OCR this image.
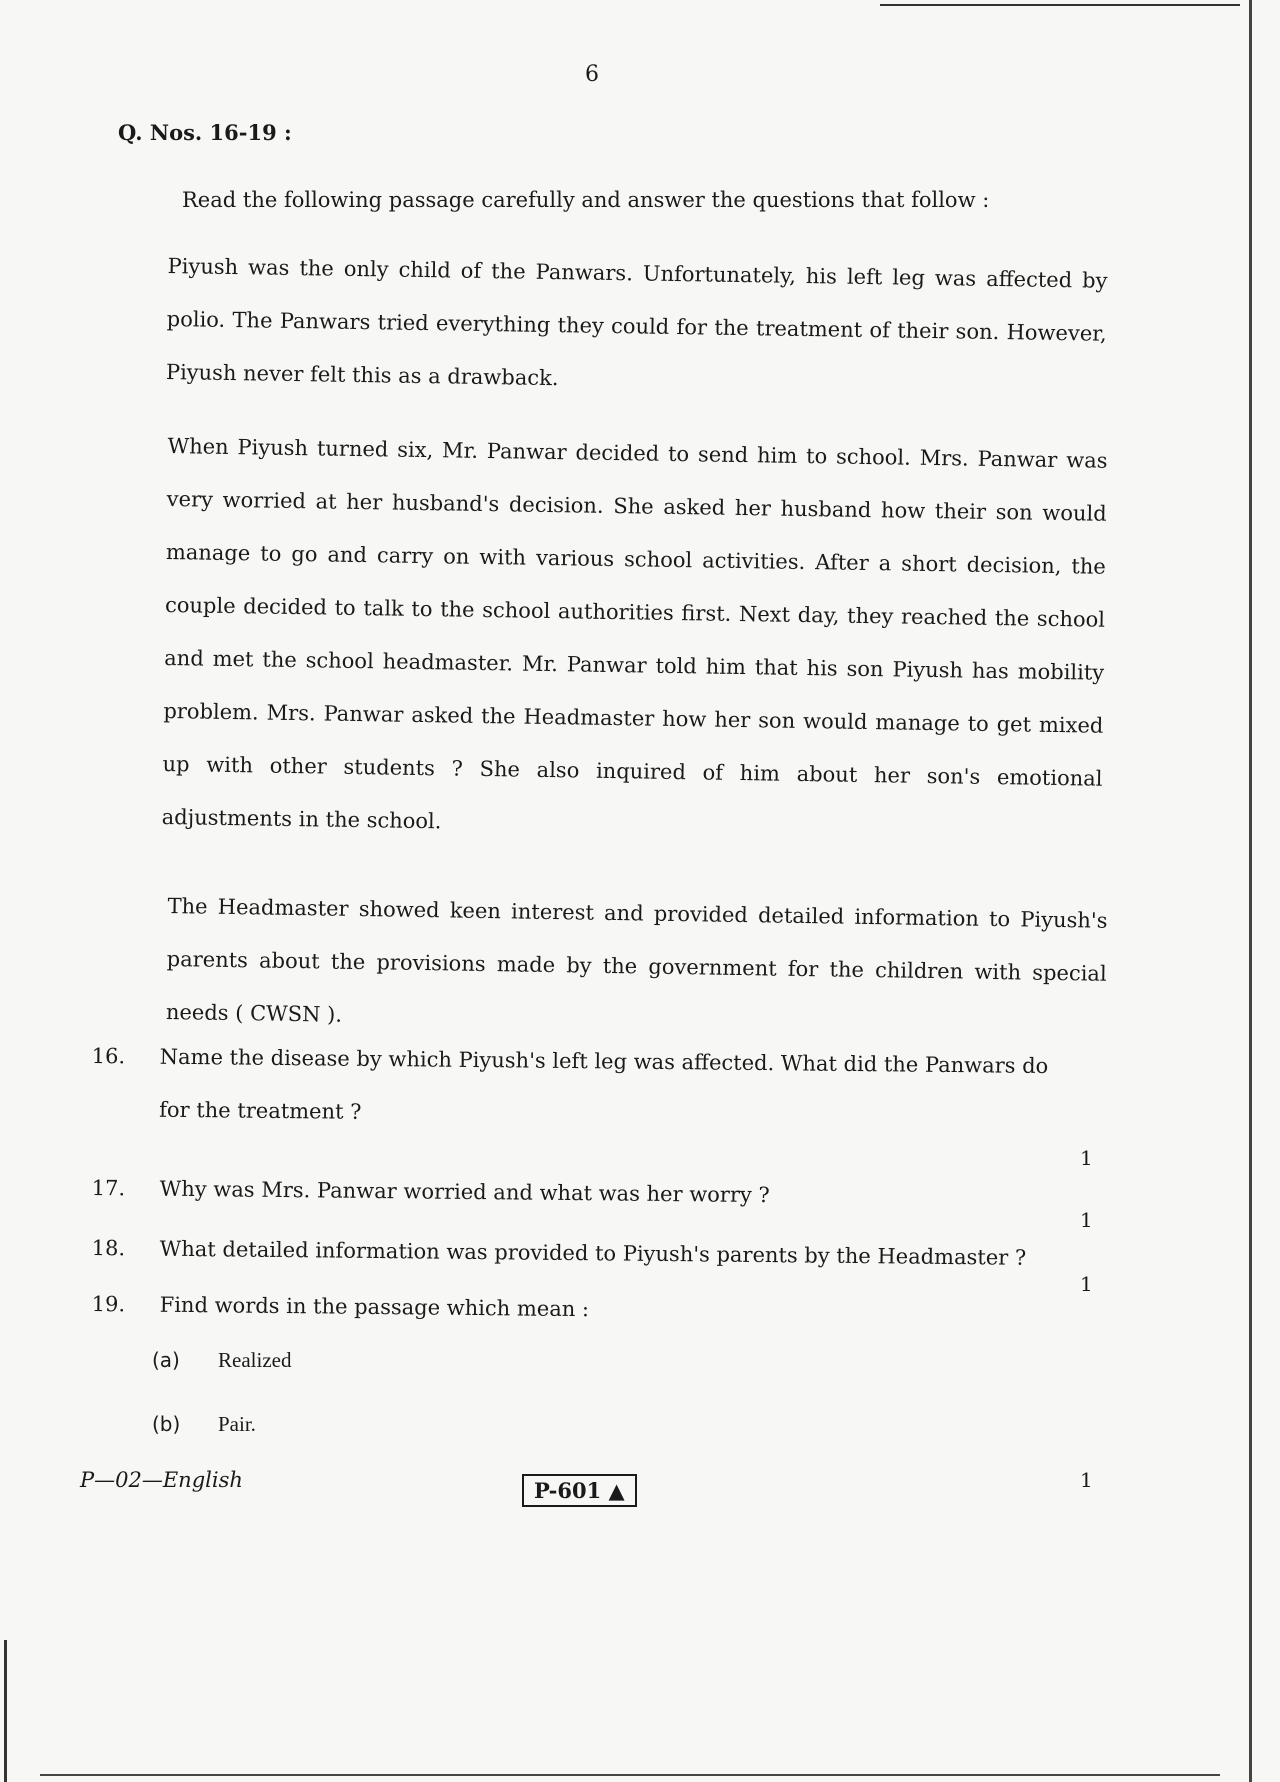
6
Q. Nos. 16-19 :
Read the following passage carefully and answer the questions that follow :
Piyush was the only child of the Panwars. Unfortunately, his left leg was affected by polio. The Panwars tried everything they could for the treatment of their son. However, Piyush never felt this as a drawback.
When Piyush turned six, Mr. Panwar decided to send him to school. Mrs. Panwar was very worried at her husband's decision. She asked her husband how their son would manage to go and carry on with various school activities. After a short decision, the couple decided to talk to the school authorities first. Next day, they reached the school and met the school headmaster. Mr. Panwar told him that his son Piyush has mobility problem. Mrs. Panwar asked the Headmaster how her son would manage to get mixed up with other students ? She also inquired of him about her son's emotional adjustments in the school.
The Headmaster showed keen interest and provided detailed information to Piyush's parents about the provisions made by the government for the children with special needs ( CWSN ).
16. Name the disease by which Piyush's left leg was affected. What did the Panwars do for the treatment ?
1
17. Why was Mrs. Panwar worried and what was her worry ?
1
18. What detailed information was provided to Piyush's parents by the Headmaster ?
1
19. Find words in the passage which mean :
(a) Realized
(b) Pair.
1
P—02—English	P-601 ▲
